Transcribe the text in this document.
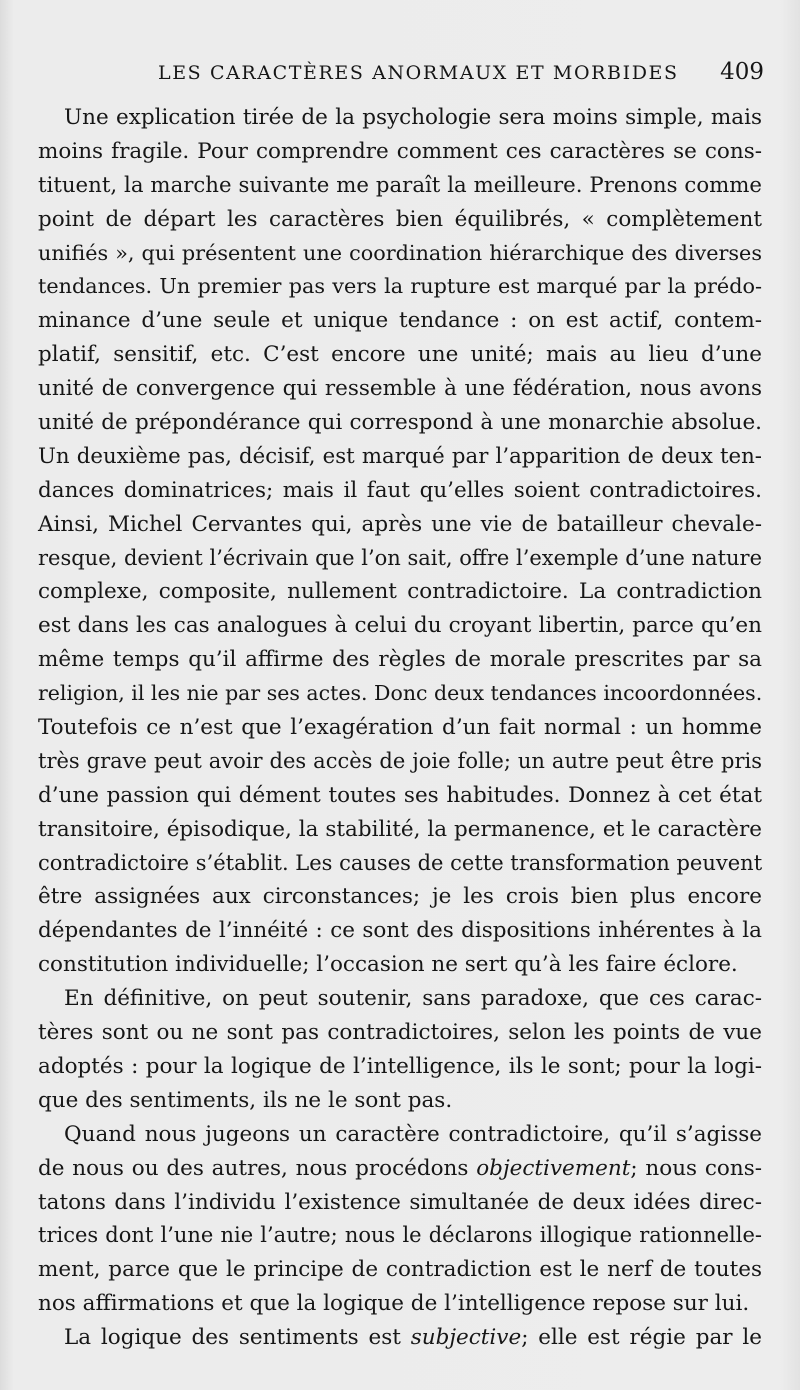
LES CARACTÈRES ANORMAUX ET MORBIDES 409
Une explication tirée de la psychologie sera moins simple, mais
moins fragile. Pour comprendre comment ces caractères se cons-
tituent, la marche suivante me paraît la meilleure. Prenons comme
point de départ les caractères bien équilibrés, « complètement
unifiés », qui présentent une coordination hiérarchique des diverses
tendances. Un premier pas vers la rupture est marqué par la prédo-
minance d’une seule et unique tendance : on est actif, contem-
platif, sensitif, etc. C’est encore une unité; mais au lieu d’une
unité de convergence qui ressemble à une fédération, nous avons
unité de prépondérance qui correspond à une monarchie absolue.
Un deuxième pas, décisif, est marqué par l’apparition de deux ten-
dances dominatrices; mais il faut qu’elles soient contradictoires.
Ainsi, Michel Cervantes qui, après une vie de batailleur chevale-
resque, devient l’écrivain que l’on sait, offre l’exemple d’une nature
complexe, composite, nullement contradictoire. La contradiction
est dans les cas analogues à celui du croyant libertin, parce qu’en
même temps qu’il affirme des règles de morale prescrites par sa
religion, il les nie par ses actes. Donc deux tendances incoordonnées.
Toutefois ce n’est que l’exagération d’un fait normal : un homme
très grave peut avoir des accès de joie folle; un autre peut être pris
d’une passion qui dément toutes ses habitudes. Donnez à cet état
transitoire, épisodique, la stabilité, la permanence, et le caractère
contradictoire s’établit. Les causes de cette transformation peuvent
être assignées aux circonstances; je les crois bien plus encore
dépendantes de l’innéité : ce sont des dispositions inhérentes à la
constitution individuelle; l’occasion ne sert qu’à les faire éclore.
En définitive, on peut soutenir, sans paradoxe, que ces carac-
tères sont ou ne sont pas contradictoires, selon les points de vue
adoptés : pour la logique de l’intelligence, ils le sont; pour la logi-
que des sentiments, ils ne le sont pas.
Quand nous jugeons un caractère contradictoire, qu’il s’agisse
de nous ou des autres, nous procédons objectivement; nous cons-
tatons dans l’individu l’existence simultanée de deux idées direc-
trices dont l’une nie l’autre; nous le déclarons illogique rationnelle-
ment, parce que le principe de contradiction est le nerf de toutes
nos affirmations et que la logique de l’intelligence repose sur lui.
La logique des sentiments est subjective; elle est régie par le
